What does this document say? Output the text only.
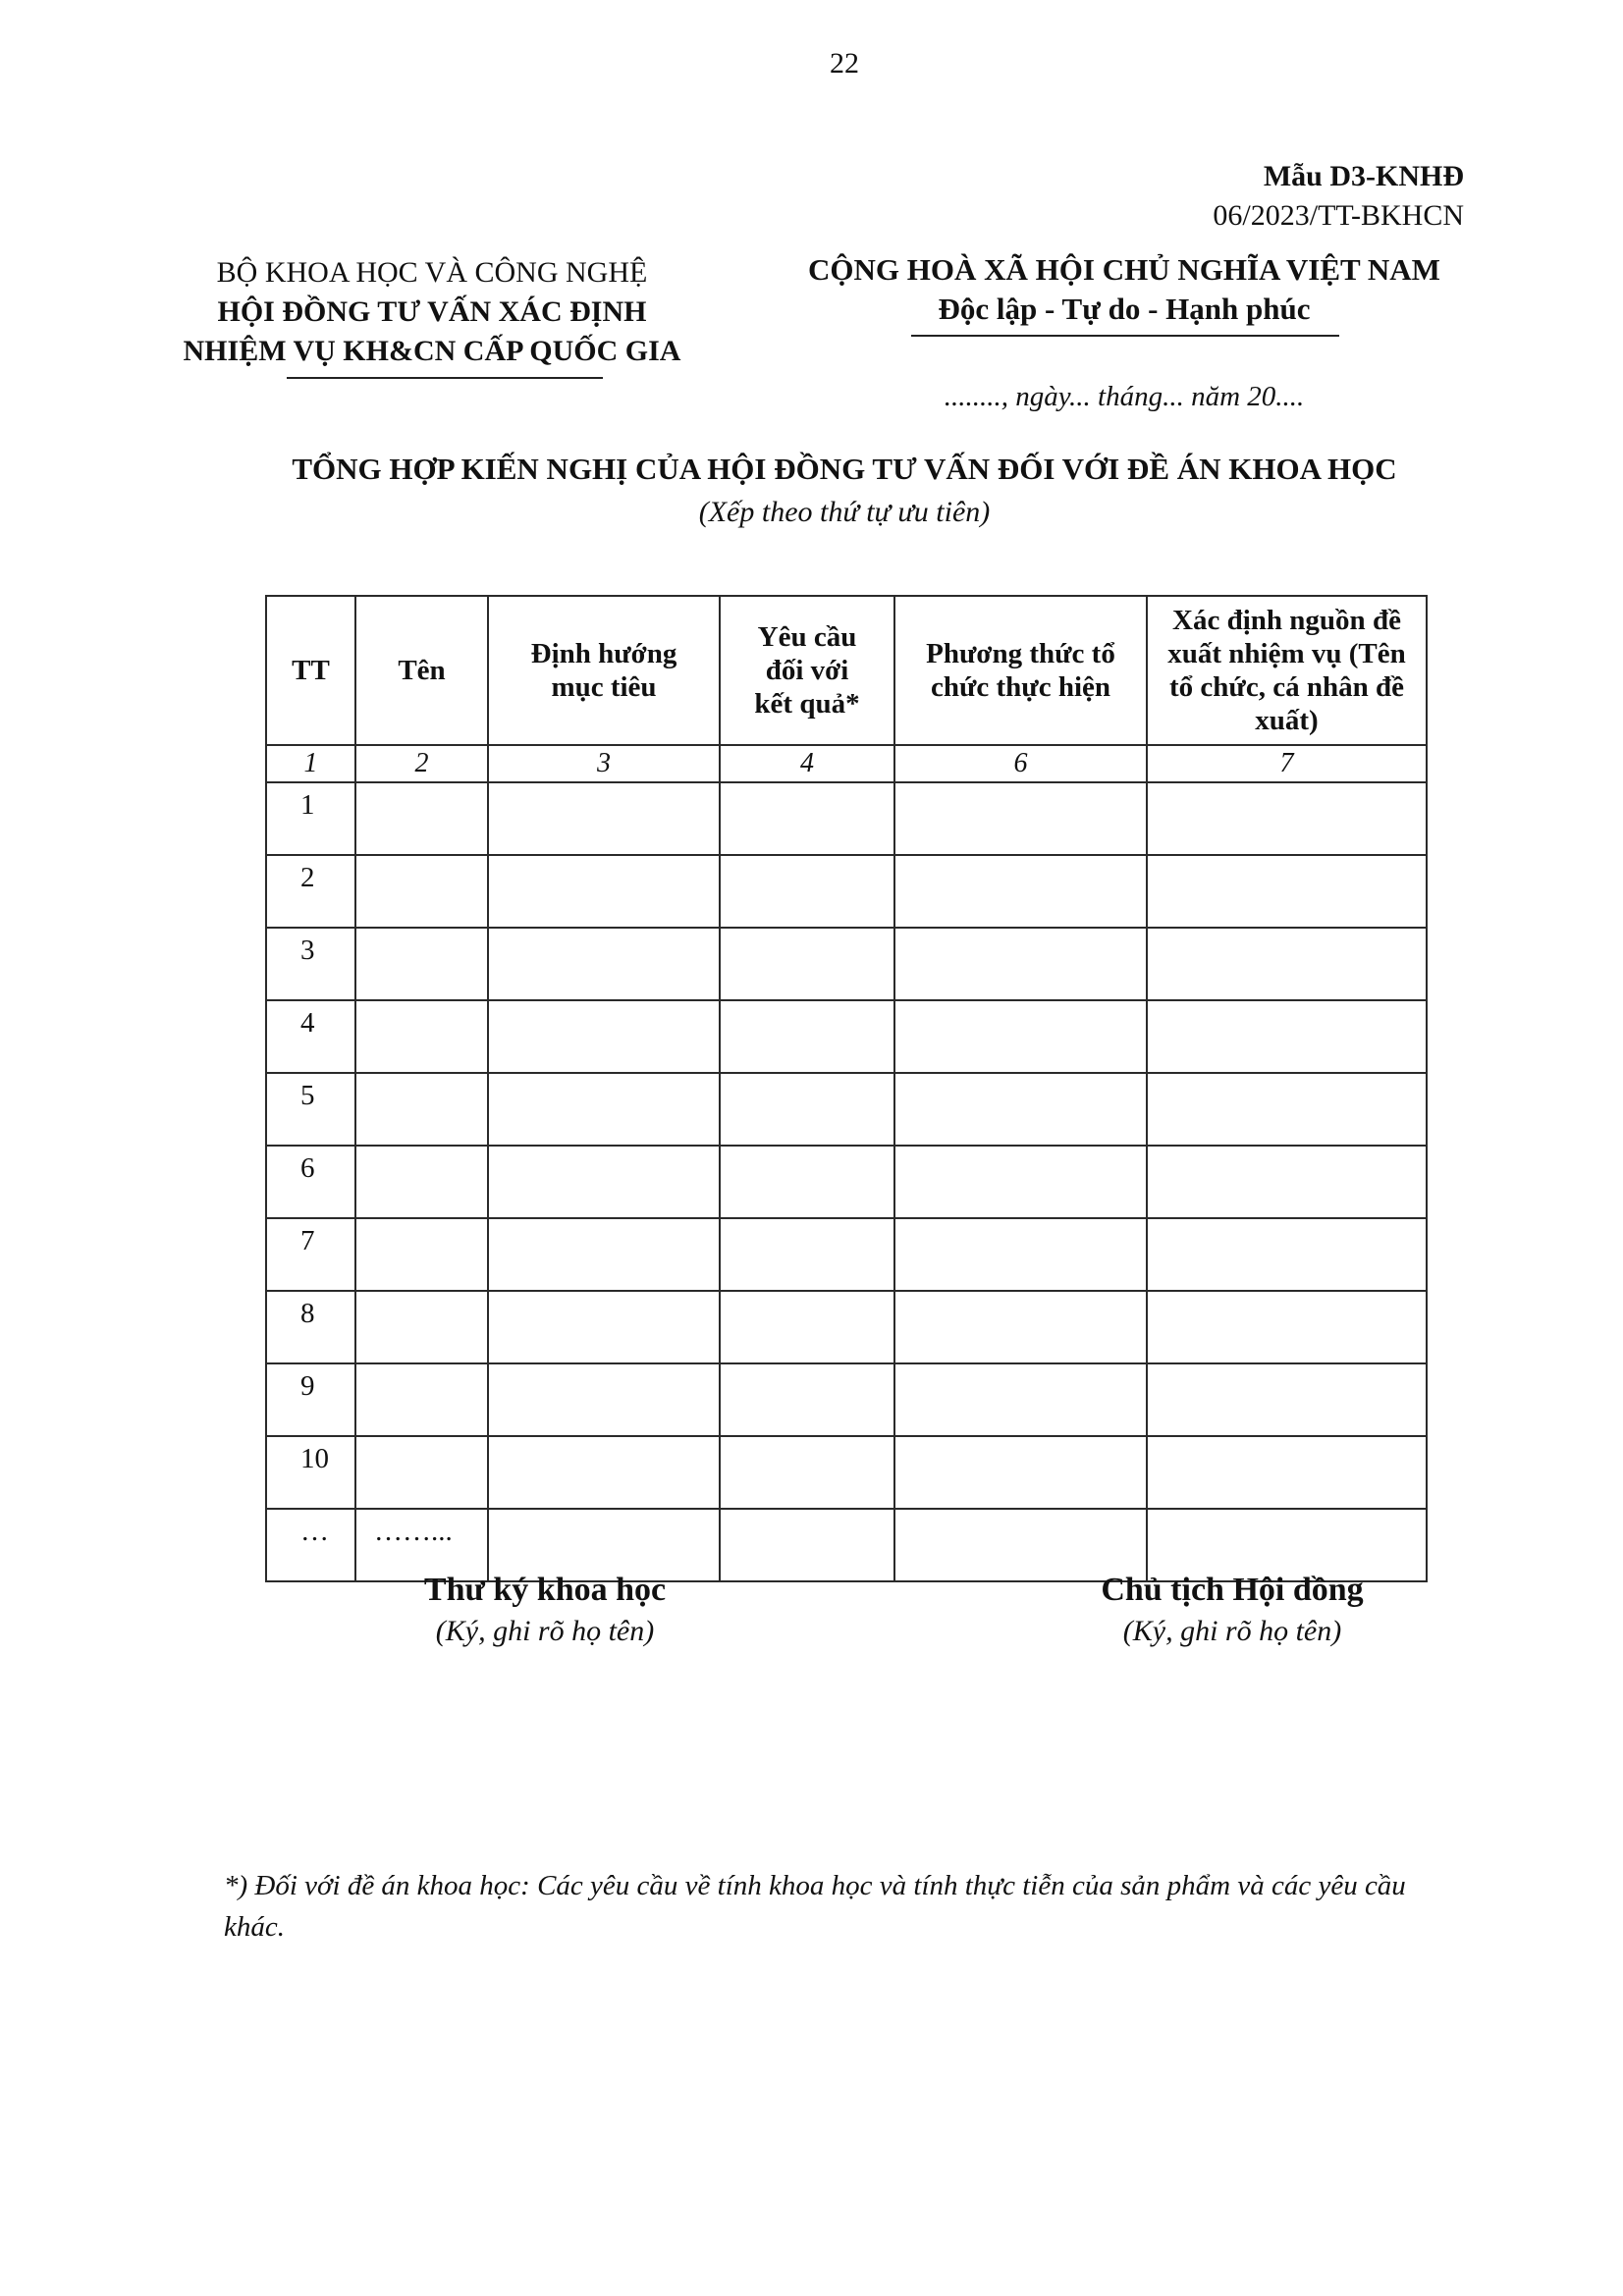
22
Mẫu D3-KNHĐ
06/2023/TT-BKHCN
BỘ KHOA HỌC VÀ CÔNG NGHỆ
HỘI ĐỒNG TƯ VẤN XÁC ĐỊNH
NHIỆM VỤ KH&CN CẤP QUỐC GIA
CỘNG HOÀ XÃ HỘI CHỦ NGHĨA VIỆT NAM
Độc lập - Tự do - Hạnh phúc
........, ngày... tháng... năm 20....
TỔNG HỢP KIẾN NGHỊ CỦA HỘI ĐỒNG TƯ VẤN ĐỐI VỚI ĐỀ ÁN KHOA HỌC
(Xếp theo thứ tự ưu tiên)
TT	Tên	Định hướng mục tiêu	Yêu cầu đối với kết quả*	Phương thức tổ chức thực hiện	Xác định nguồn đề xuất nhiệm vụ (Tên tổ chức, cá nhân đề xuất)
1	2	3	4	6	7
1					
2					
3					
4					
5					
6					
7					
8					
9					
10					
…	……...				
Thư ký khoa học
(Ký, ghi rõ họ tên)
Chủ tịch Hội đồng
(Ký, ghi rõ họ tên)
*) Đối với đề án khoa học: Các yêu cầu về tính khoa học và tính thực tiễn của sản phẩm và các yêu cầu khác.
